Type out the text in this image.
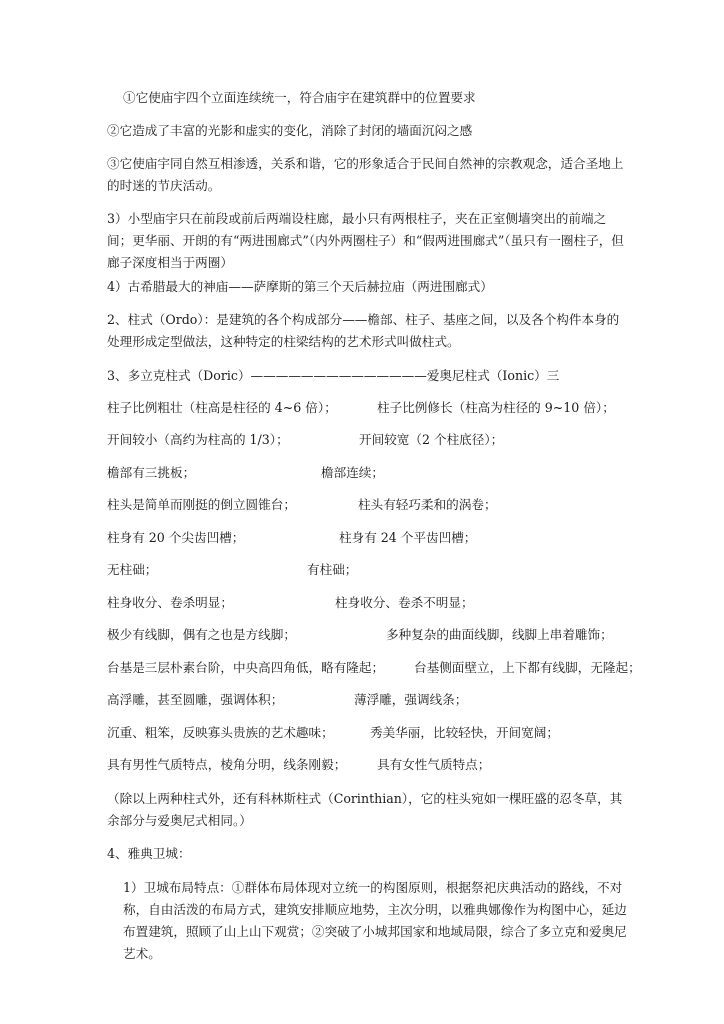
①它使庙宇四个立面连续统一，符合庙宇在建筑群中的位置要求
②它造成了丰富的光影和虚实的变化，消除了封闭的墙面沉闷之感
③它使庙宇同自然互相渗透，关系和谐，它的形象适合于民间自然神的宗教观念，适合圣地上的时迷的节庆活动。
3）小型庙宇只在前段或前后两端设柱廊，最小只有两根柱子，夹在正室侧墙突出的前端之间；更华丽、开朗的有“两进围廊式”（内外两圈柱子）和“假两进围廊式”（虽只有一圈柱子，但廊子深度相当于两圈）
4）古希腊最大的神庙——萨摩斯的第三个天后赫拉庙（两进围廊式）
2、柱式（Ordo）：是建筑的各个构成部分——檐部、柱子、基座之间，以及各个构件本身的处理形成定型做法，这种特定的柱梁结构的艺术形式叫做柱式。
3、多立克柱式（Doric）——————————————爱奥尼柱式（Ionic）三
柱子比例粗壮（柱高是柱径的 4~6 倍）；	柱子比例修长（柱高为柱径的 9~10 倍）；
开间较小（高约为柱高的 1/3）；	开间较宽（2 个柱底径）；
檐部有三挑板；	檐部连续；
柱头是简单而刚挺的倒立圆锥台；	柱头有轻巧柔和的涡卷；
柱身有 20 个尖齿凹槽；	柱身有 24 个平齿凹槽；
无柱础；	有柱础；
柱身收分、卷杀明显；	柱身收分、卷杀不明显；
极少有线脚，偶有之也是方线脚；	多种复杂的曲面线脚，线脚上串着雕饰；
台基是三层朴素台阶，中央高四角低，略有隆起； 台基侧面壁立，上下都有线脚，无隆起；
高浮雕，甚至圆雕，强调体积；	薄浮雕，强调线条；
沉重、粗笨，反映寡头贵族的艺术趣味；	秀美华丽，比较轻快，开间宽阔；
具有男性气质特点，棱角分明，线条刚毅； 具有女性气质特点；
（除以上两种柱式外，还有科林斯柱式（Corinthian），它的柱头宛如一棵旺盛的忍冬草，其余部分与爱奥尼式相同。）
4、雅典卫城：
1）卫城布局特点：①群体布局体现对立统一的构图原则，根据祭祀庆典活动的路线，不对称，自由活泼的布局方式，建筑安排顺应地势，主次分明，以雅典娜像作为构图中心，延边布置建筑，照顾了山上山下观赏；②突破了小城邦国家和地域局限，综合了多立克和爱奥尼艺术。
